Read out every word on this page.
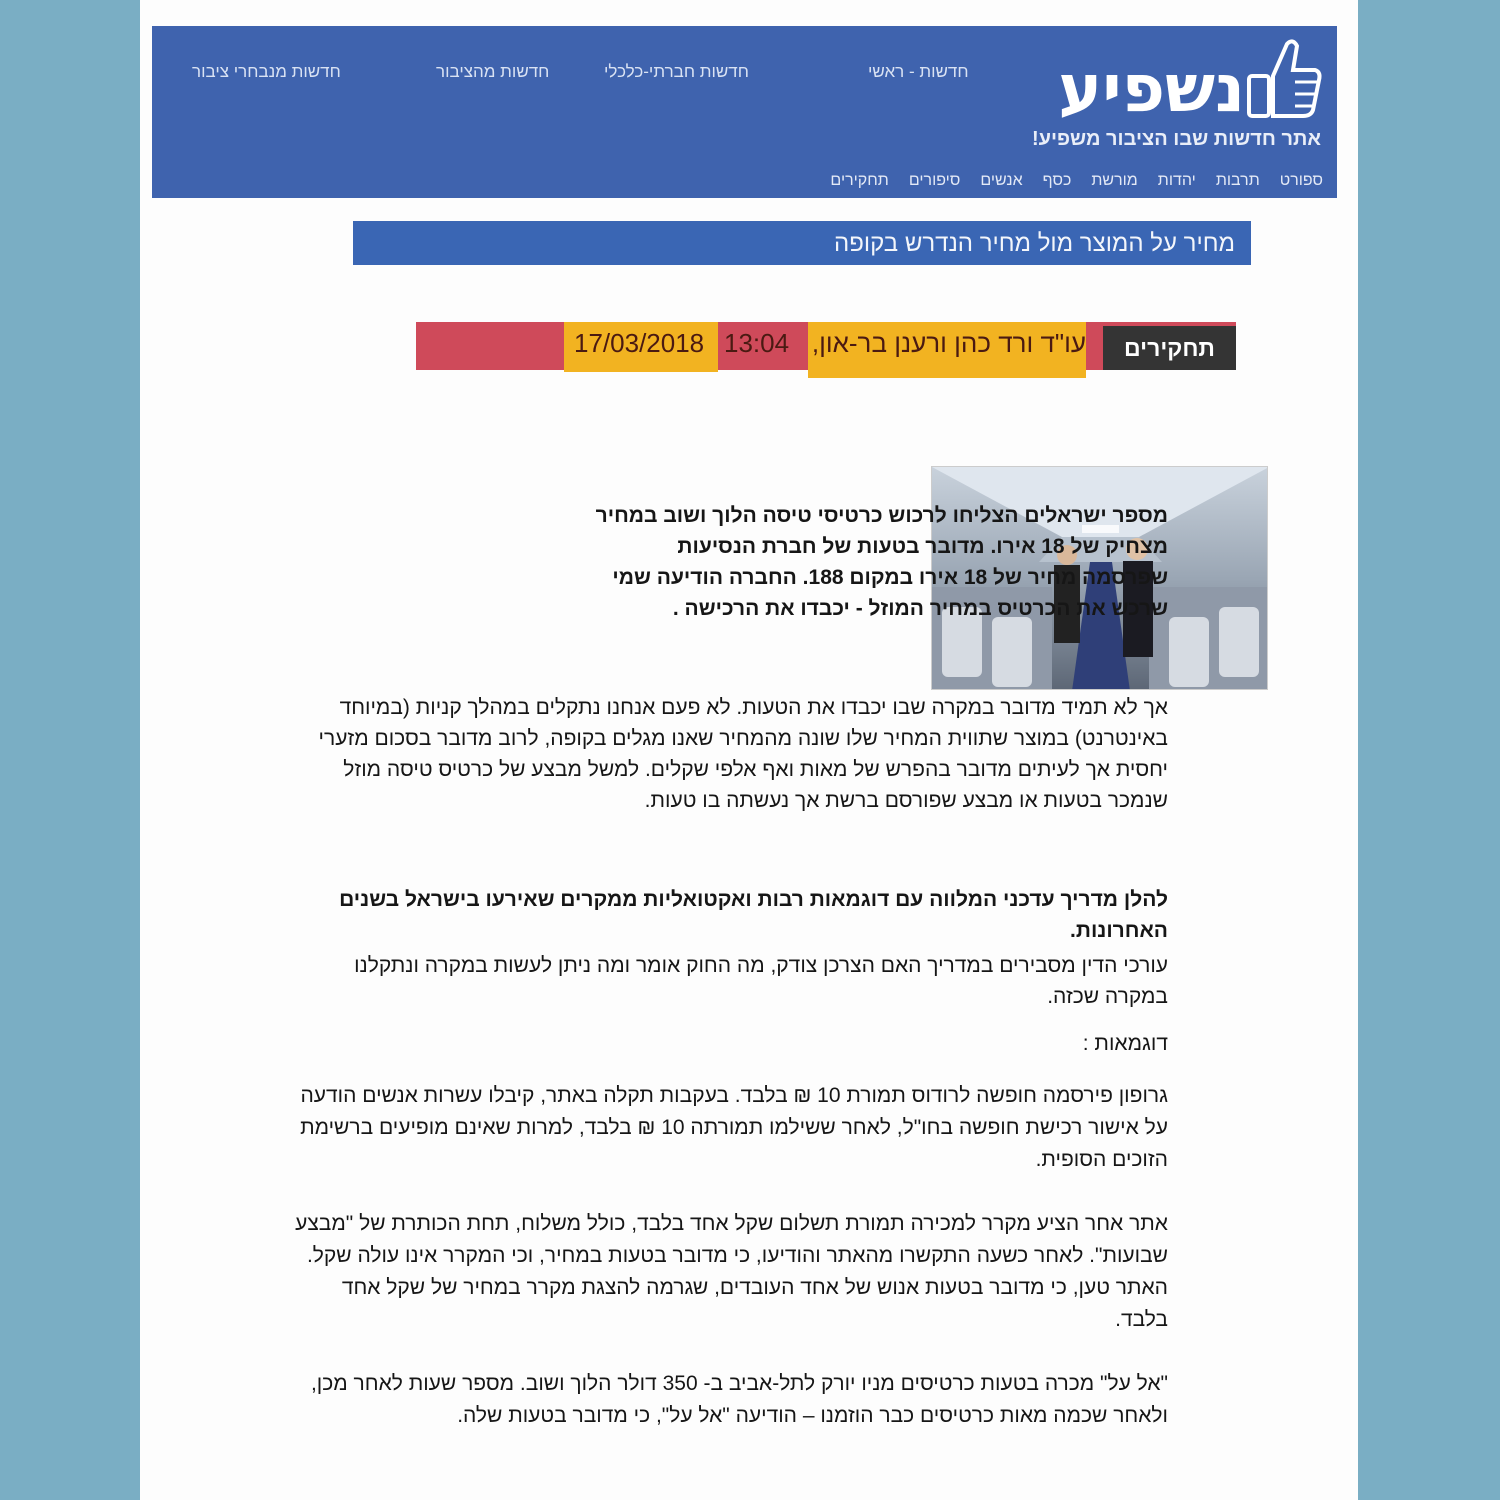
נשפיע
אתר חדשות שבו הציבור משפיע!
חדשות - ראשי
חדשות חברתי-כלכלי
חדשות מהציבור
חדשות מנבחרי ציבור
ספורט
תרבות
יהדות
מורשת
כסף
אנשים
סיפורים
תחקירים
מחיר על המוצר מול מחיר הנדרש בקופה
תחקירים
עו"ד ורד כהן ורענן בר-און,
13:04
17/03/2018
מספר ישראלים הצליחו לרכוש כרטיסי טיסה הלוך ושוב במחיר מצחיק של 18 אירו. מדובר בטעות של חברת הנסיעות שפרסמה מחיר של 18 אירו במקום 188. החברה הודיעה שמי שרכש את הכרטיס במחיר המוזל - יכבדו את הרכישה .
אך לא תמיד מדובר במקרה שבו יכבדו את הטעות. לא פעם אנחנו נתקלים במהלך קניות (במיוחד באינטרנט) במוצר שתווית המחיר שלו שונה מהמחיר שאנו מגלים בקופה, לרוב מדובר בסכום מזערי יחסית אך לעיתים מדובר בהפרש של מאות ואף אלפי שקלים. למשל מבצע של כרטיס טיסה מוזל שנמכר בטעות או מבצע שפורסם ברשת אך נעשתה בו טעות.
להלן מדריך עדכני המלווה עם דוגמאות רבות ואקטואליות ממקרים שאירעו בישראל בשנים האחרונות.
עורכי הדין מסבירים במדריך האם הצרכן צודק, מה החוק אומר ומה ניתן לעשות במקרה ונתקלנו במקרה שכזה.
דוגמאות :
גרופון פירסמה חופשה לרודוס תמורת 10 ₪ בלבד. בעקבות תקלה באתר, קיבלו עשרות אנשים הודעה על אישור רכישת חופשה בחו"ל, לאחר ששילמו תמורתה 10 ₪ בלבד, למרות שאינם מופיעים ברשימת הזוכים הסופית.
אתר אחר הציע מקרר למכירה תמורת תשלום שקל אחד בלבד, כולל משלוח, תחת הכותרת של "מבצע שבועות". לאחר כשעה התקשרו מהאתר והודיעו, כי מדובר בטעות במחיר, וכי המקרר אינו עולה שקל. האתר טען, כי מדובר בטעות אנוש של אחד העובדים, שגרמה להצגת מקרר במחיר של שקל אחד בלבד.
"אל על" מכרה בטעות כרטיסים מניו יורק לתל-אביב ב- 350 דולר הלוך ושוב. מספר שעות לאחר מכן, ולאחר שכמה מאות כרטיסים כבר הוזמנו – הודיעה "אל על", כי מדובר בטעות שלה.
